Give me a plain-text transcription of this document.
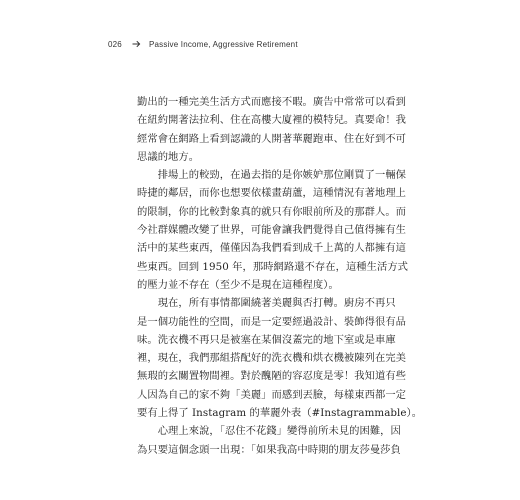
026	Passive Income, Aggressive Retirement

勤出的一種完美生活方式而應接不暇。廣告中常常可以看到
在紐約開著法拉利、住在高樓大廈裡的模特兒。真要命！我
經常會在網路上看到認識的人開著華麗跑車、住在好到不可
思議的地方。

　　排場上的較勁，在過去指的是你嫉妒那位剛買了一輛保
時捷的鄰居，而你也想要依樣畫葫蘆，這種情況有著地理上
的限制，你的比較對象真的就只有你眼前所及的那群人。而
今社群媒體改變了世界，可能會讓我們覺得自己值得擁有生
活中的某些東西，僅僅因為我們看到成千上萬的人都擁有這
些東西。回到 1950 年，那時網路還不存在，這種生活方式
的壓力並不存在（至少不是現在這種程度）。

　　現在，所有事情都圍繞著美麗與否打轉。廚房不再只
是一個功能性的空間，而是一定要經過設計、裝飾得很有品
味。洗衣機不再只是被塞在某個沒蓋完的地下室或是車庫
裡，現在，我們那組搭配好的洗衣機和烘衣機被陳列在完美
無瑕的玄關置物間裡。對於醜陋的容忍度是零！我知道有些
人因為自己的家不夠「美麗」而感到丟臉，每樣東西都一定
要有上得了 Instagram 的華麗外表（#Instagrammable）。

　　心理上來說，「忍住不花錢」變得前所未見的困難，因
為只要這個念頭一出現：「如果我高中時期的朋友莎曼莎負
